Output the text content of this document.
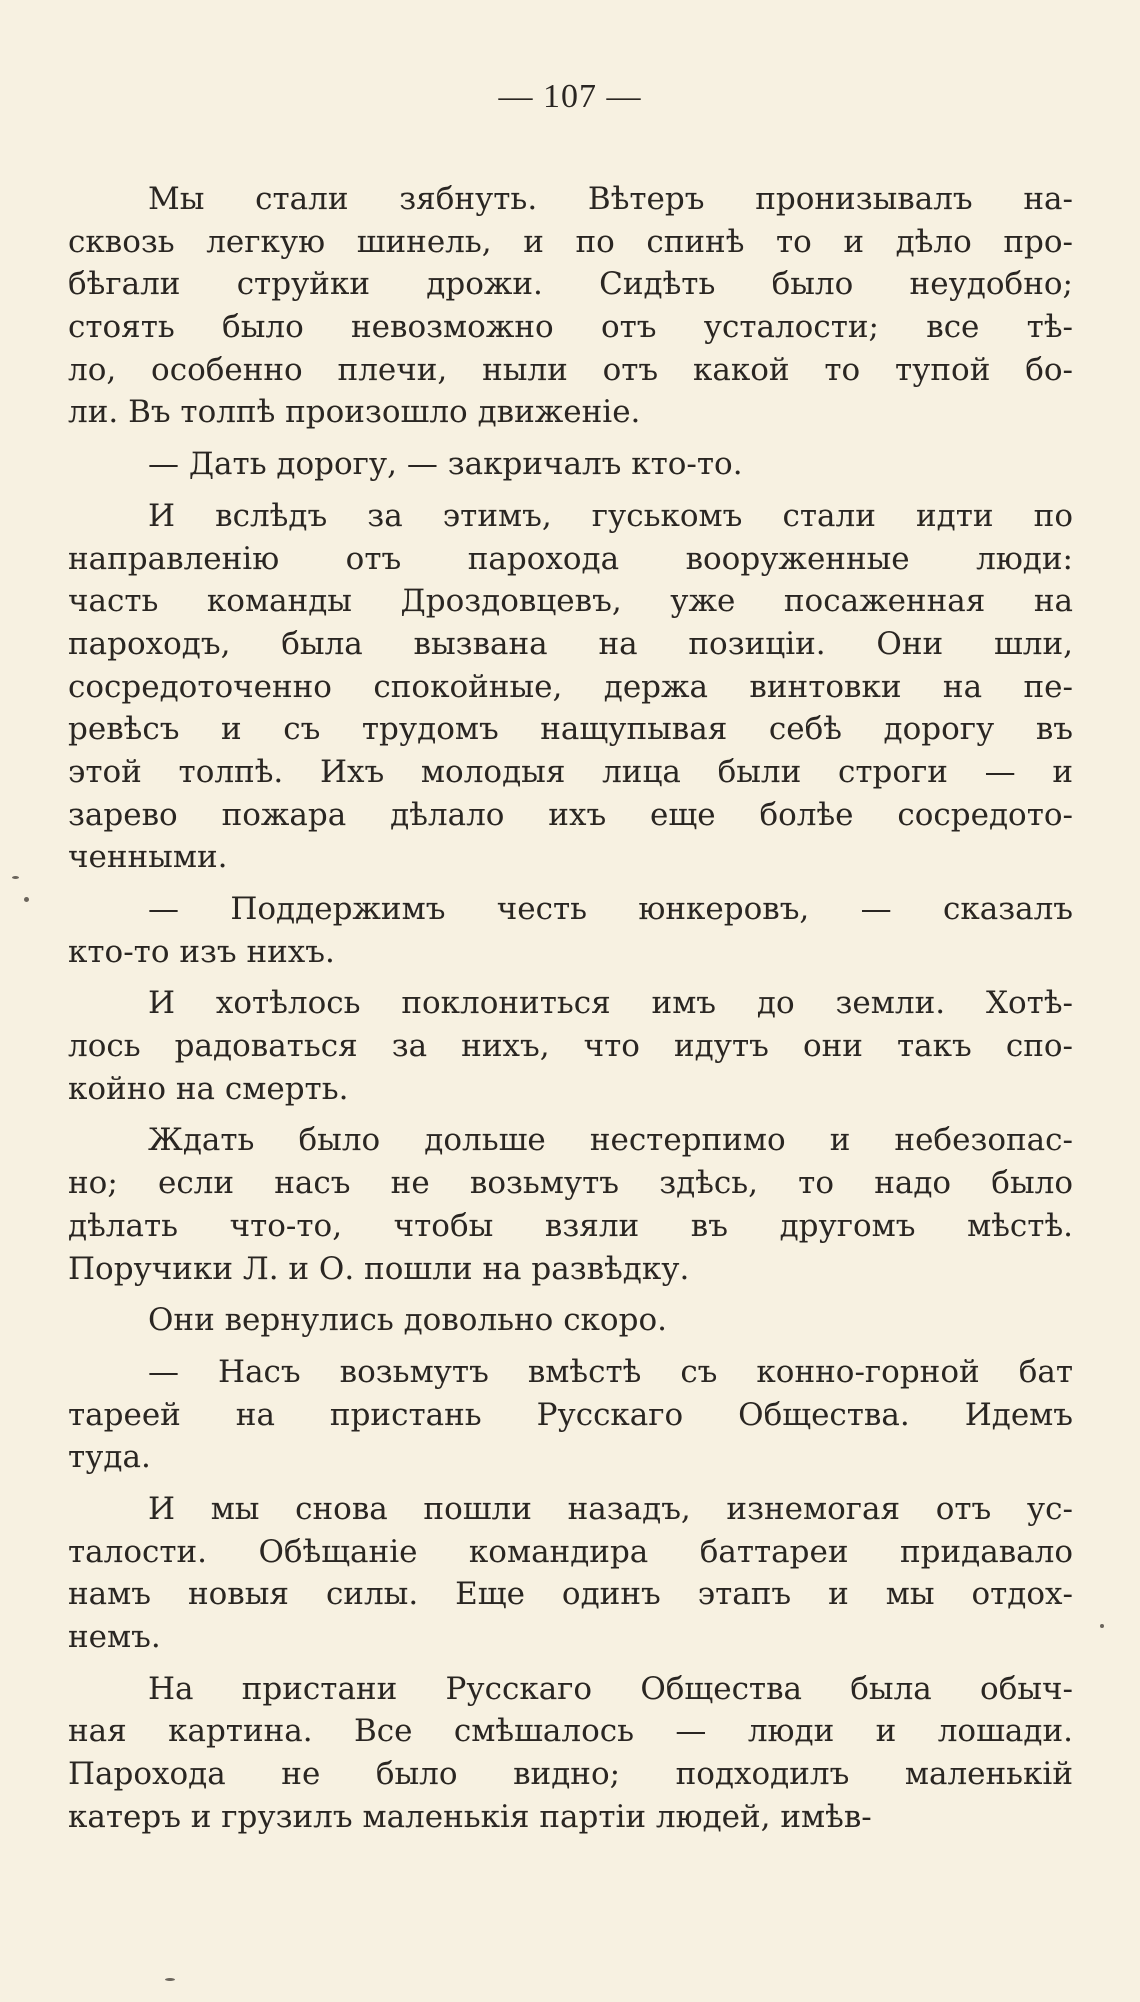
— 107 —
Мы стали зябнуть. Вѣтеръ пронизывалъ на-
сквозь легкую шинель, и по спинѣ то и дѣло про-
бѣгали струйки дрожи. Сидѣть было неудобно;
стоять было невозможно отъ усталости; все тѣ-
ло, особенно плечи, ныли отъ какой то тупой бо-
ли. Въ толпѣ произошло движеніе.
— Дать дорогу, — закричалъ кто-то.
И вслѣдъ за этимъ, гуськомъ стали идти по
направленію отъ парохода вооруженные люди:
часть команды Дроздовцевъ, уже посаженная на
пароходъ, была вызвана на позиціи. Они шли,
сосредоточенно спокойные, держа винтовки на пе-
ревѣсъ и съ трудомъ нащупывая себѣ дорогу въ
этой толпѣ. Ихъ молодыя лица были строги — и
зарево пожара дѣлало ихъ еще болѣе сосредото-
ченными.
— Поддержимъ честь юнкеровъ, — сказалъ
кто-то изъ нихъ.
И хотѣлось поклониться имъ до земли. Хотѣ-
лось радоваться за нихъ, что идутъ они такъ спо-
койно на смерть.
Ждать было дольше нестерпимо и небезопас-
но; если насъ не возьмутъ здѣсь, то надо было
дѣлать что-то, чтобы взяли въ другомъ мѣстѣ.
Поручики Л. и О. пошли на развѣдку.
Они вернулись довольно скоро.
— Насъ возьмутъ вмѣстѣ съ конно-горной бат
тареей на пристань Русскаго Общества. Идемъ
туда.
И мы снова пошли назадъ, изнемогая отъ ус-
талости. Обѣщаніе командира баттареи придавало
намъ новыя силы. Еще одинъ этапъ и мы отдох-
немъ.
На пристани Русскаго Общества была обыч-
ная картина. Все смѣшалось — люди и лошади.
Парохода не было видно; подходилъ маленькій
катеръ и грузилъ маленькія партіи людей, имѣв-
